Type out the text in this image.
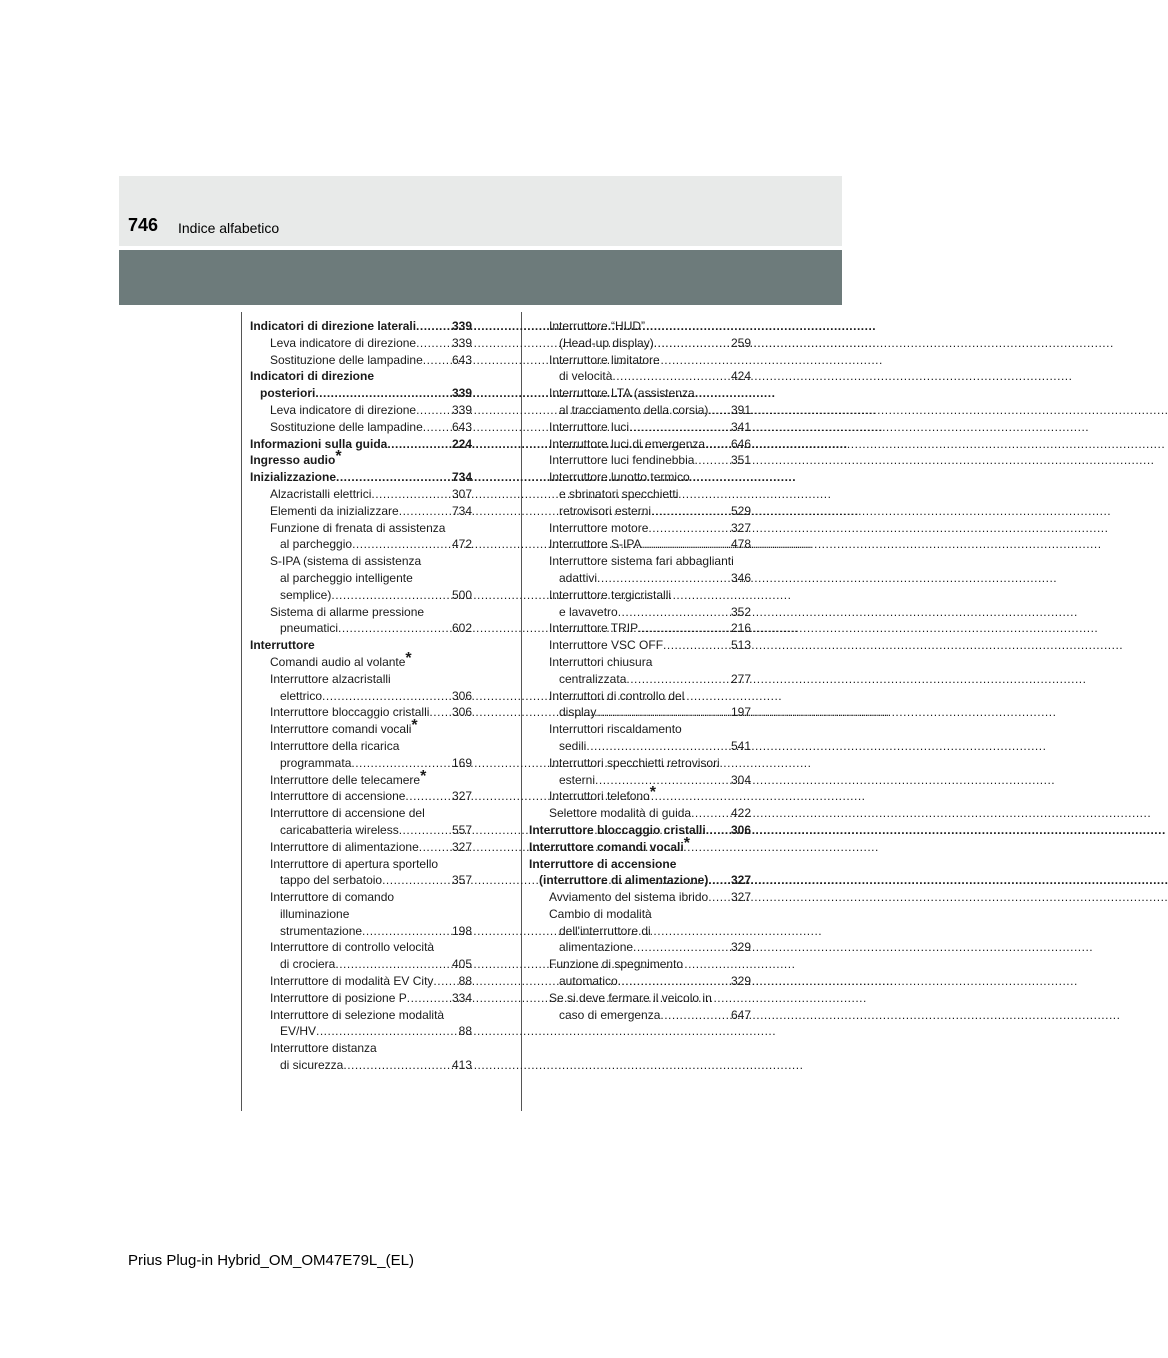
746 Indice alfabetico
Indicatori di direzione laterali .....	339
Leva indicatore di direzione .....	339
Sostituzione delle lampadine ..... 643
Indicatori di direzione
posteriori .....	339
Leva indicatore di direzione .....	339
Sostituzione delle lampadine ..... 643
Informazioni sulla guida .....	224
Ingresso audio*
Inizializzazione .....	734
Alzacristalli elettrici .....	307
Elementi da inizializzare .....	734
Funzione di frenata di assistenza
al parcheggio .....	472
S-IPA (sistema di assistenza
al parcheggio intelligente
semplice) .....	500
Sistema di allarme pressione
pneumatici .....	602
Interruttore
Comandi audio al volante*
Interruttore alzacristalli
elettrico .....	306
Interruttore bloccaggio cristalli ..... 306
Interruttore comandi vocali*
Interruttore della ricarica
programmata .....	169
Interruttore delle telecamere*
Interruttore di accensione .....	327
Interruttore di accensione del
caricabatteria wireless .....	557
Interruttore di alimentazione .....	327
Interruttore di apertura sportello
tappo del serbatoio .....	357
Interruttore di comando
illuminazione
strumentazione .....	198
Interruttore di controllo velocità
di crociera .....	405
Interruttore di modalità EV City ..... 88
Interruttore di posizione P .....	334
Interruttore di selezione modalità
EV/HV .....	88
Interruttore distanza
di sicurezza .....	413
Interruttore “HUD”
(Head-up display) .....	259
Interruttore limitatore
di velocità .....	424
Interruttore LTA (assistenza
al tracciamento della corsia) ..... 391
Interruttore luci .....	341
Interruttore luci di emergenza ..... 646
Interruttore luci fendinebbia .....	351
Interruttore lunotto termico
e sbrinatori specchietti
retrovisori esterni .....	529
Interruttore motore .....	327
Interruttore S-IPA .....	478
Interruttore sistema fari abbaglianti
adattivi .....	346
Interruttore tergicristalli
e lavavetro .....	352
Interruttore TRIP .....	216
Interruttore VSC OFF .....	513
Interruttori chiusura
centralizzata .....	277
Interruttori di controllo del
display .....	197
Interruttori riscaldamento
sedili .....	541
Interruttori specchietti retrovisori
esterni .....	304
Interruttori telefono*
Selettore modalità di guida .....	422
Interruttore bloccaggio cristalli ..... 306
Interruttore comandi vocali*
Interruttore di accensione
(interruttore di alimentazione) ..... 327
Avviamento del sistema ibrido ..... 327
Cambio di modalità
dell'interruttore di
alimentazione .....	329
Funzione di spegnimento
automatico .....	329
Se si deve fermare il veicolo in
caso di emergenza .....	647
Prius Plug-in Hybrid_OM_OM47E79L_(EL)
